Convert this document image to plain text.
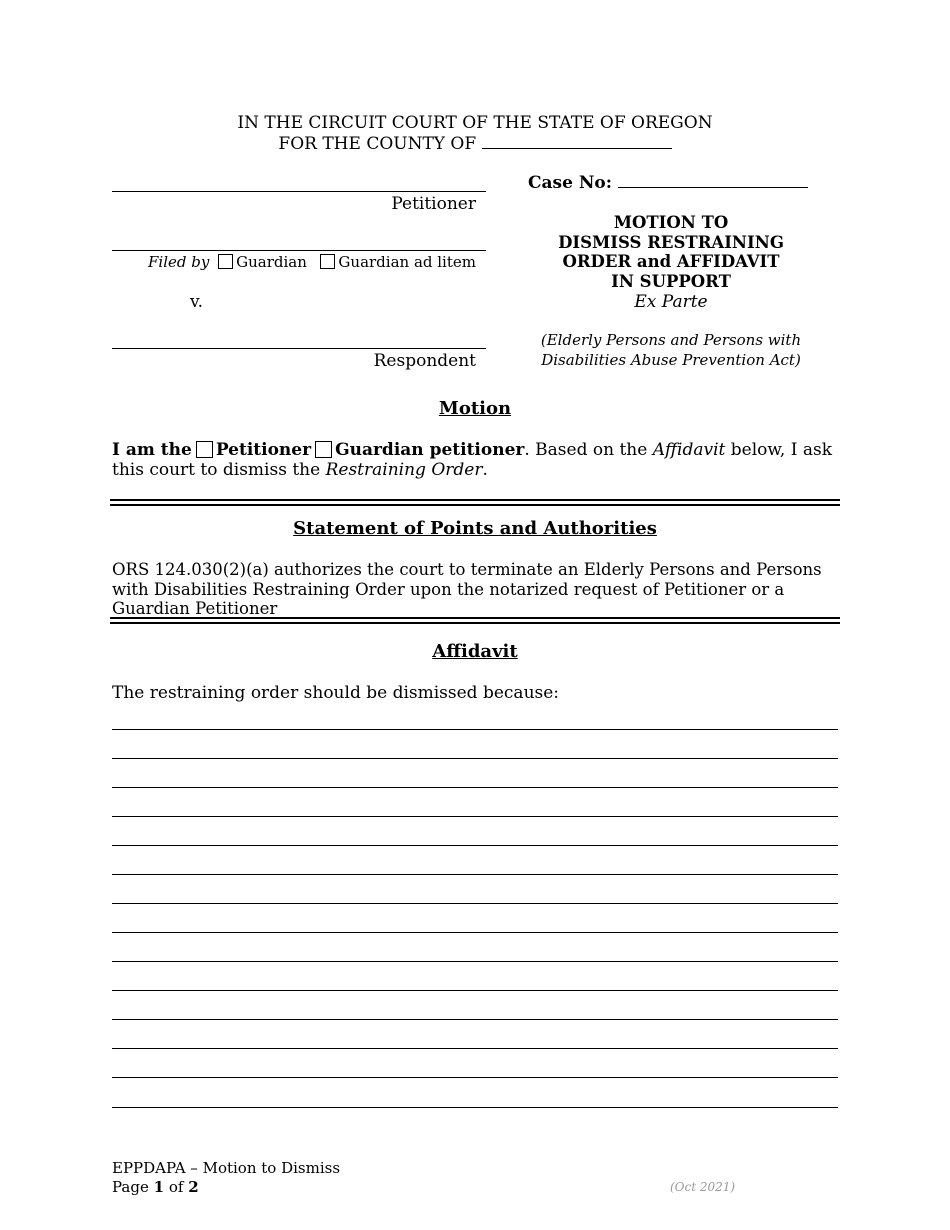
IN THE CIRCUIT COURT OF THE STATE OF OREGON
FOR THE COUNTY OF
Petitioner
Filed by Guardian Guardian ad litem
v.
Respondent
Case No:
MOTION TO
DISMISS RESTRAINING
ORDER and AFFIDAVIT
IN SUPPORT
Ex Parte
(Elderly Persons and Persons with
Disabilities Abuse Prevention Act)
Motion
I am the Petitioner Guardian petitioner. Based on the Affidavit below, I ask this court to dismiss the Restraining Order.
Statement of Points and Authorities
ORS 124.030(2)(a) authorizes the court to terminate an Elderly Persons and Persons with Disabilities Restraining Order upon the notarized request of Petitioner or a Guardian Petitioner
Affidavit
The restraining order should be dismissed because:
EPPDAPA – Motion to Dismiss
Page 1 of 2	(Oct 2021)
